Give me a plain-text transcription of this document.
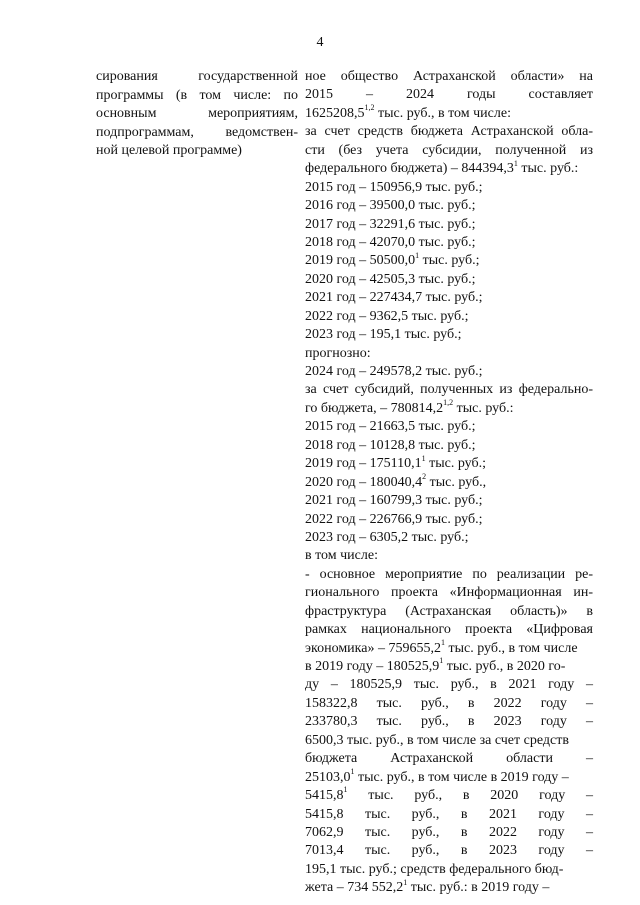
4
сирования государственной
программы (в том числе: по
основным мероприятиям,
подпрограммам, ведомствен-
ной целевой программе)
ное общество Астраханской области» на
2015 – 2024 годы составляет
1625208,5$^{1,2}$ тыс. руб., в том числе:
за счет средств бюджета Астраханской обла-
сти (без учета субсидии, полученной из
федерального бюджета) – 844394,3$^1$ тыс. руб.:
2015 год – 150956,9 тыс. руб.;
2016 год – 39500,0 тыс. руб.;
2017 год – 32291,6 тыс. руб.;
2018 год – 42070,0 тыс. руб.;
2019 год – 50500,0$^1$ тыс. руб.;
2020 год – 42505,3 тыс. руб.;
2021 год – 227434,7 тыс. руб.;
2022 год – 9362,5 тыс. руб.;
2023 год – 195,1 тыс. руб.;
прогнозно:
2024 год – 249578,2 тыс. руб.;
за счет субсидий, полученных из федерально-
го бюджета, – 780814,2$^{1,2}$ тыс. руб.:
2015 год – 21663,5 тыс. руб.;
2018 год – 10128,8 тыс. руб.;
2019 год – 175110,1$^1$ тыс. руб.;
2020 год – 180040,4$^2$ тыс. руб.,
2021 год – 160799,3 тыс. руб.;
2022 год – 226766,9 тыс. руб.;
2023 год – 6305,2 тыс. руб.;
в том числе:
- основное мероприятие по реализации ре-
гионального проекта «Информационная ин-
фраструктура (Астраханская область)» в
рамках национального проекта «Цифровая
экономика» – 759655,2$^1$ тыс. руб., в том числе
в 2019 году – 180525,9$^1$ тыс. руб., в 2020 го-
ду – 180525,9 тыс. руб., в 2021 году –
158322,8 тыс. руб., в 2022 году –
233780,3 тыс. руб., в 2023 году –
6500,3 тыс. руб., в том числе за счет средств
бюджета Астраханской области –
25103,0$^1$ тыс. руб., в том числе в 2019 году –
5415,8$^1$ тыс. руб., в 2020 году –
5415,8 тыс. руб., в 2021 году –
7062,9 тыс. руб., в 2022 году –
7013,4 тыс. руб., в 2023 году –
195,1 тыс. руб.; средств федерального бюд-
жета – 734 552,2$^1$ тыс. руб.: в 2019 году –
